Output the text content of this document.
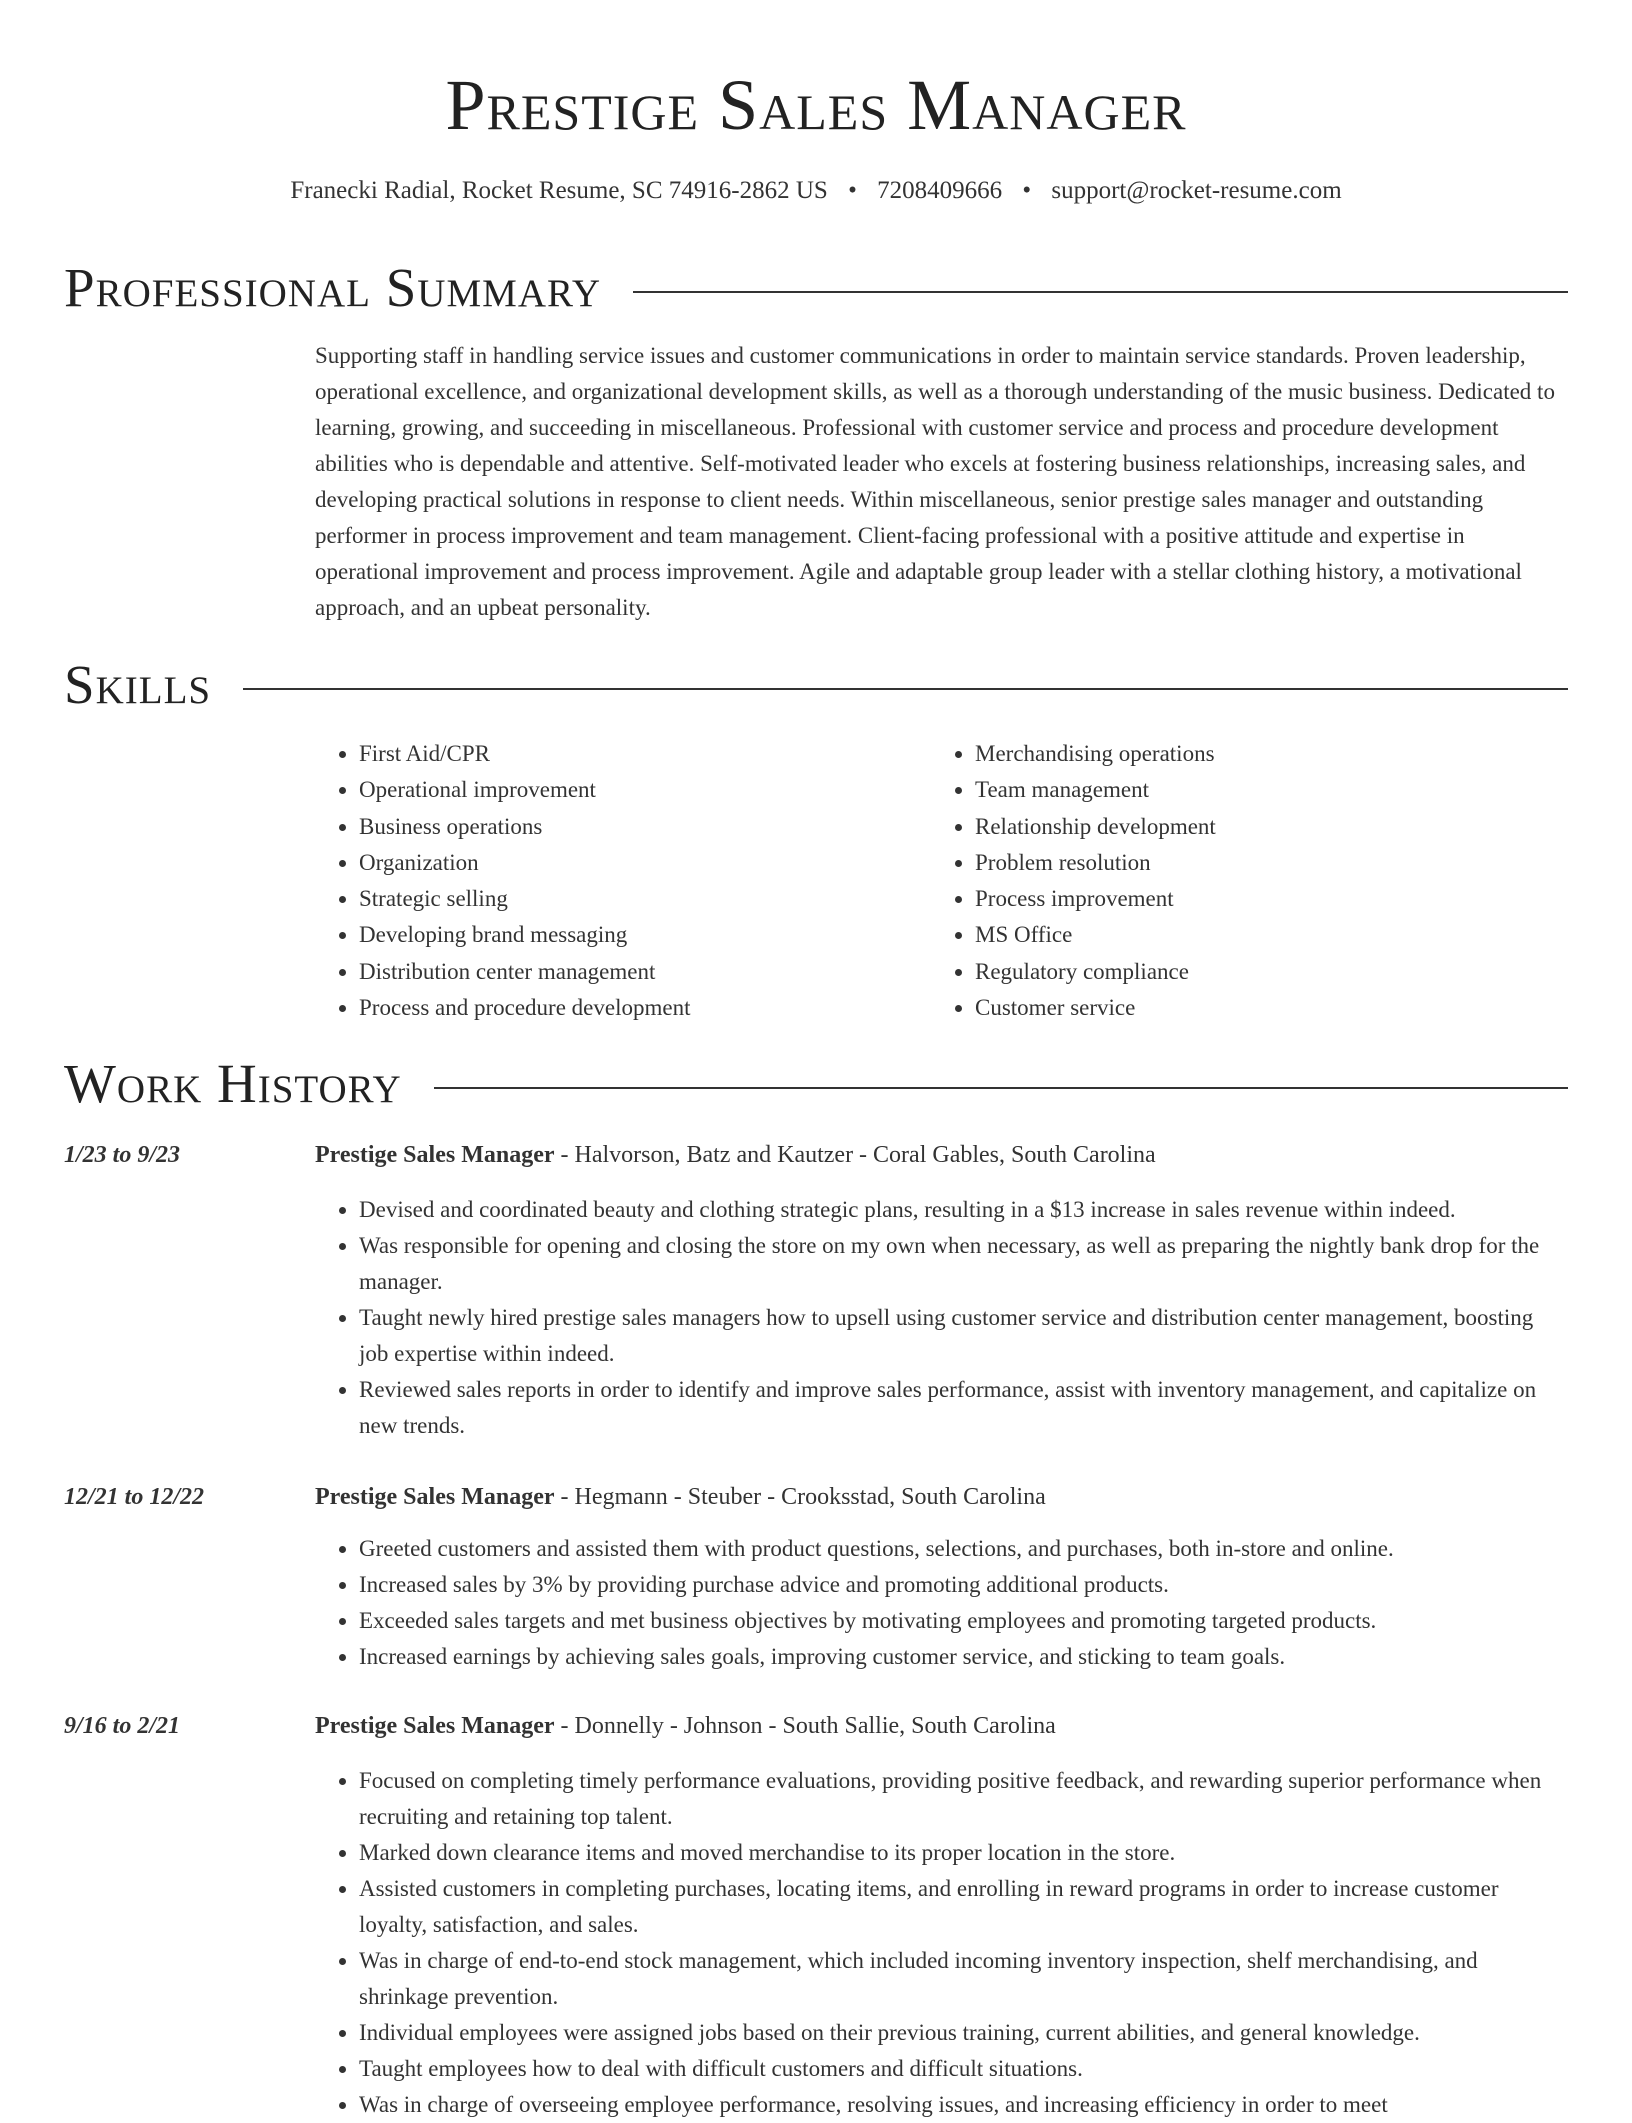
Prestige Sales Manager
Franecki Radial, Rocket Resume, SC 74916-2862 US • 7208409666 • support@rocket-resume.com
Professional Summary

Supporting staff in handling service issues and customer communications in order to maintain service standards. Proven leadership, operational excellence, and organizational development skills, as well as a thorough understanding of the music business. Dedicated to learning, growing, and succeeding in miscellaneous. Professional with customer service and process and procedure development abilities who is dependable and attentive. Self-motivated leader who excels at fostering business relationships, increasing sales, and developing practical solutions in response to client needs. Within miscellaneous, senior prestige sales manager and outstanding performer in process improvement and team management. Client-facing professional with a positive attitude and expertise in operational improvement and process improvement. Agile and adaptable group leader with a stellar clothing history, a motivational approach, and an upbeat personality.

Skills
• First Aid/CPR
• Operational improvement
• Business operations
• Organization
• Strategic selling
• Developing brand messaging
• Distribution center management
• Process and procedure development
• Merchandising operations
• Team management
• Relationship development
• Problem resolution
• Process improvement
• MS Office
• Regulatory compliance
• Customer service
Work History
1/23 to 9/23	Prestige Sales Manager - Halvorson, Batz and Kautzer - Coral Gables, South Carolina
• Devised and coordinated beauty and clothing strategic plans, resulting in a $13 increase in sales revenue within indeed.
• Was responsible for opening and closing the store on my own when necessary, as well as preparing the nightly bank drop for the manager.
• Taught newly hired prestige sales managers how to upsell using customer service and distribution center management, boosting job expertise within indeed.
• Reviewed sales reports in order to identify and improve sales performance, assist with inventory management, and capitalize on new trends.
12/21 to 12/22	Prestige Sales Manager - Hegmann - Steuber - Crooksstad, South Carolina
• Greeted customers and assisted them with product questions, selections, and purchases, both in-store and online.
• Increased sales by 3% by providing purchase advice and promoting additional products.
• Exceeded sales targets and met business objectives by motivating employees and promoting targeted products.
• Increased earnings by achieving sales goals, improving customer service, and sticking to team goals.
9/16 to 2/21	Prestige Sales Manager - Donnelly - Johnson - South Sallie, South Carolina
• Focused on completing timely performance evaluations, providing positive feedback, and rewarding superior performance when recruiting and retaining top talent.
• Marked down clearance items and moved merchandise to its proper location in the store.
• Assisted customers in completing purchases, locating items, and enrolling in reward programs in order to increase customer loyalty, satisfaction, and sales.
• Was in charge of end-to-end stock management, which included incoming inventory inspection, shelf merchandising, and shrinkage prevention.
• Individual employees were assigned jobs based on their previous training, current abilities, and general knowledge.
• Taught employees how to deal with difficult customers and difficult situations.
• Was in charge of overseeing employee performance, resolving issues, and increasing efficiency in order to meet
